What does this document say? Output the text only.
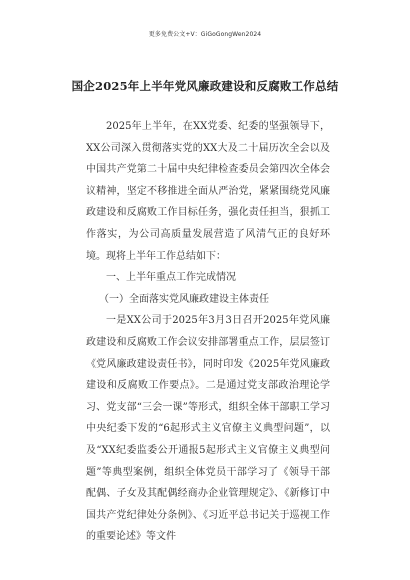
更多免费公文+V：GiGoGongWen2024
国企2025年上半年党风廉政建设和反腐败工作总结

2025年上半年，在XX党委、纪委的坚强领导下，XX公司深入贯彻落实党的XX大及二十届历次全会以及中国共产党第二十届中央纪律检查委员会第四次全体会议精神，坚定不移推进全面从严治党，紧紧围绕党风廉政建设和反腐败工作目标任务，强化责任担当，狠抓工作落实，为公司高质量发展营造了风清气正的良好环境。现将上半年工作总结如下：

一、上半年重点工作完成情况

（一）全面落实党风廉政建设主体责任

一是XX公司于2025年3月3日召开2025年党风廉政建设和反腐败工作会议安排部署重点工作，层层签订《党风廉政建设责任书》，同时印发《2025年党风廉政建设和反腐败工作要点》。二是通过党支部政治理论学习、党支部“三会一课”等形式，组织全体干部职工学习中央纪委下发的“6起形式主义官僚主义典型问题”，以及“XX纪委监委公开通报5起形式主义官僚主义典型问题”等典型案例，组织全体党员干部学习了《领导干部配偶、子女及其配偶经商办企业管理规定》、《新修订中国共产党纪律处分条例》、《习近平总书记关于巡视工作的重要论述》等文件
